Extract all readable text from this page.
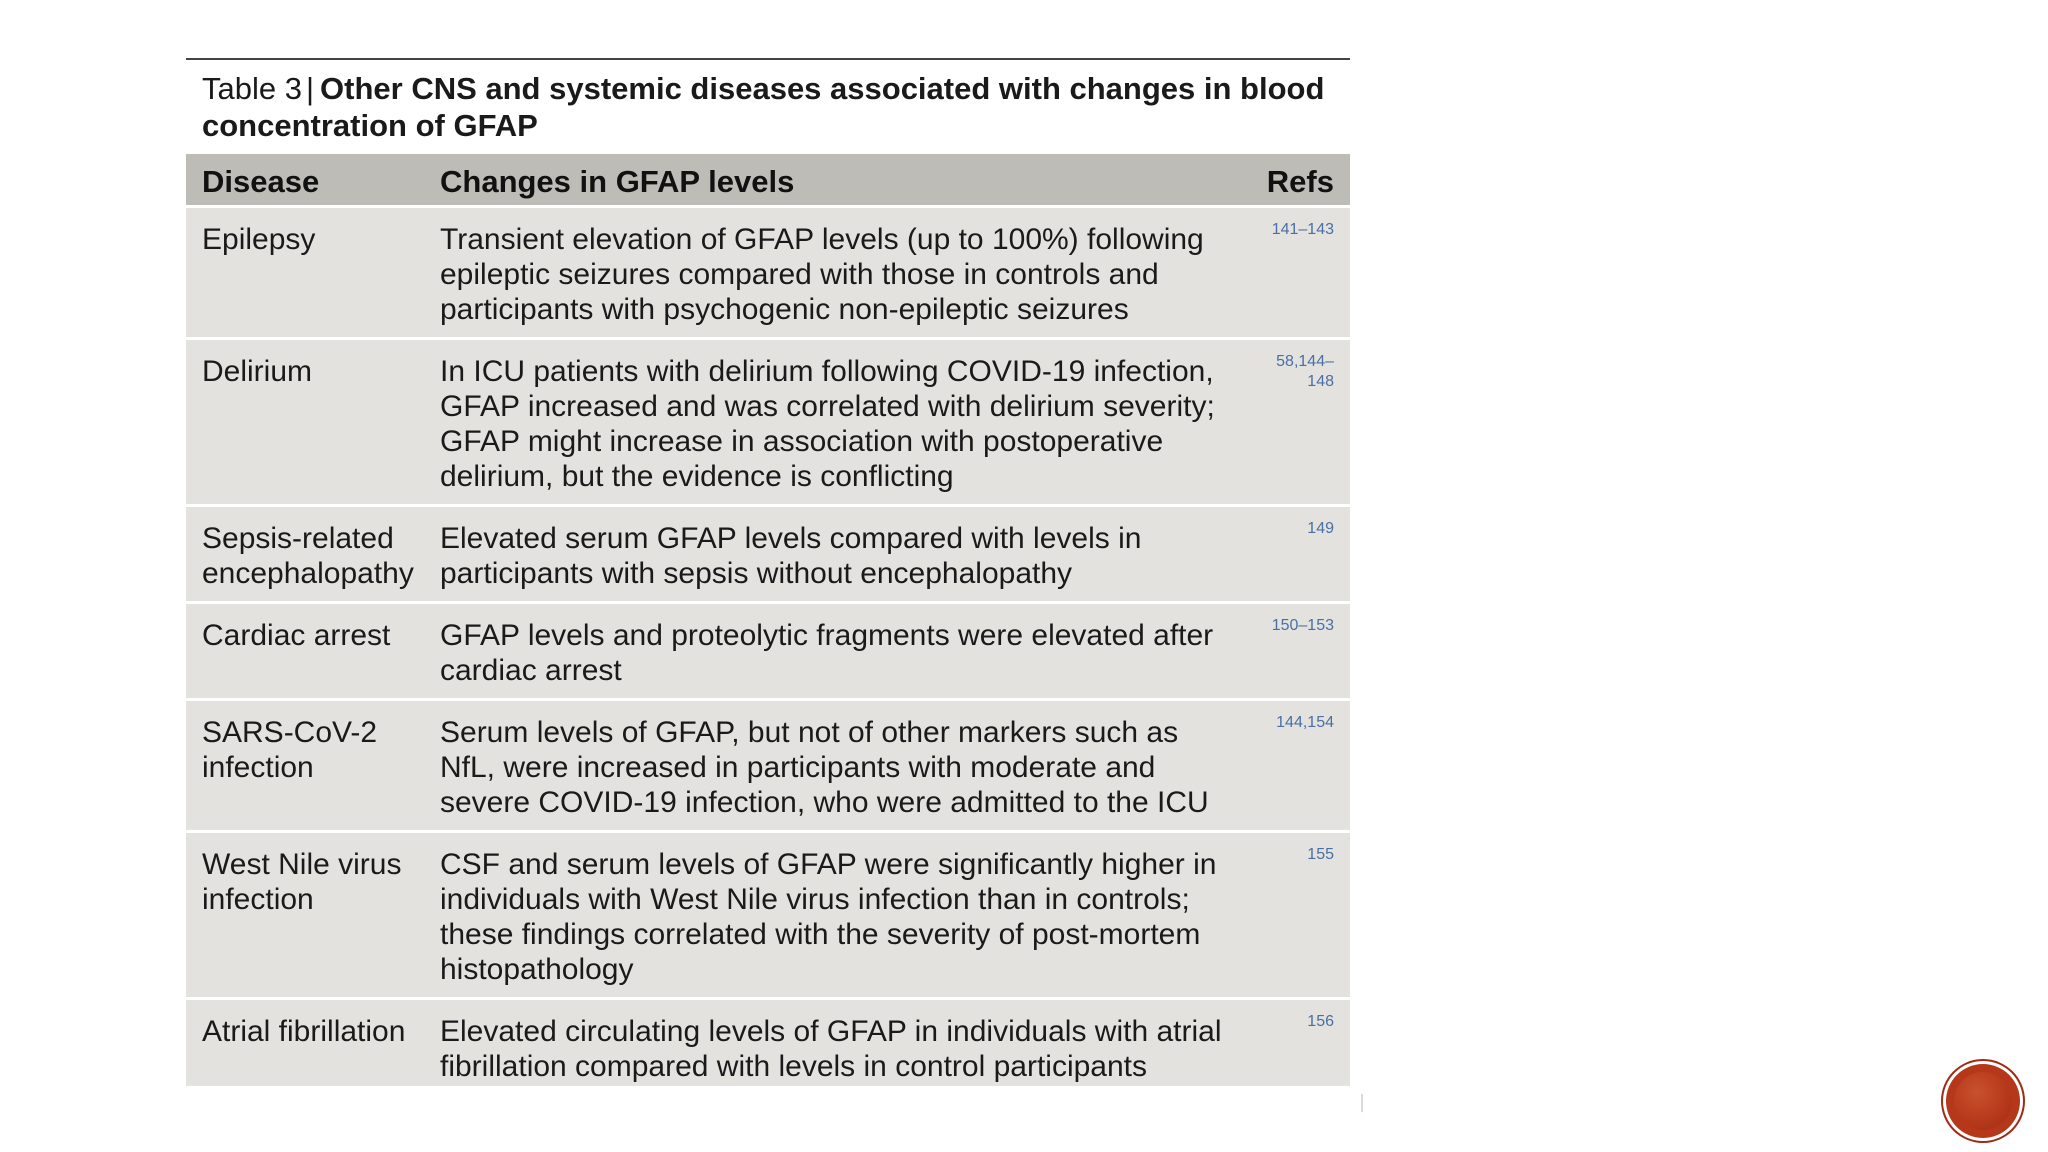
Table 3 | Other CNS and systemic diseases associated with changes in blood concentration of GFAP
Disease	Changes in GFAP levels	Refs
Epilepsy	Transient elevation of GFAP levels (up to 100%) following epileptic seizures compared with those in controls and participants with psychogenic non-epileptic seizures	141–143
Delirium	In ICU patients with delirium following COVID-19 infection, GFAP increased and was correlated with delirium severity; GFAP might increase in association with postoperative delirium, but the evidence is conflicting	58,144–148
Sepsis-related encephalopathy	Elevated serum GFAP levels compared with levels in participants with sepsis without encephalopathy	149
Cardiac arrest	GFAP levels and proteolytic fragments were elevated after cardiac arrest	150–153
SARS-CoV-2 infection	Serum levels of GFAP, but not of other markers such as NfL, were increased in participants with moderate and severe COVID-19 infection, who were admitted to the ICU	144,154
West Nile virus infection	CSF and serum levels of GFAP were significantly higher in individuals with West Nile virus infection than in controls; these findings correlated with the severity of post-mortem histopathology	155
Atrial fibrillation	Elevated circulating levels of GFAP in individuals with atrial fibrillation compared with levels in control participants	156
